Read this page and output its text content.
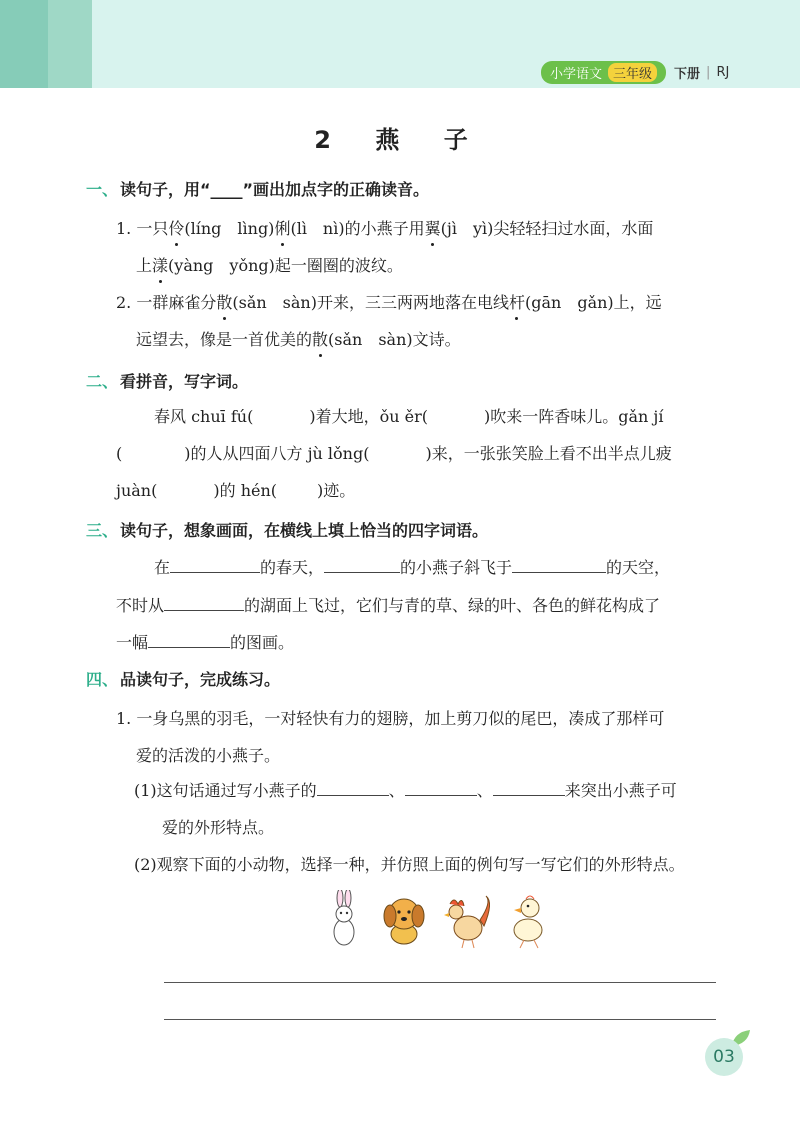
小学语文 三年级	下册 | RJ
2 燕 子
一、 读句子，用“____”画出加点字的正确读音。
1. 一只伶(líng　lìng)俐(lì　nì)的小燕子用翼(jì　yì)尖轻轻扫过水面，水面
上漾(yàng　yǒng)起一圈圈的波纹。
2. 一群麻雀分散(sǎn　sàn)开来，三三两两地落在电线杆(gān　gǎn)上，远
远望去，像是一首优美的散(sǎn　sàn)文诗。
二、 看拼音，写字词。
春风 chuī fú(	)着大地，ǒu ěr(	)吹来一阵香味儿。gǎn jí
(	)的人从四面八方 jù lǒng(	)来，一张张笑脸上看不出半点儿疲
juàn(	)的 hén(	)迹。
三、 读句子，想象画面，在横线上填上恰当的四字词语。
在	的春天，	的小燕子斜飞于	的天空，
不时从	的湖面上飞过，它们与青的草、绿的叶、各色的鲜花构成了
一幅	的图画。
四、 品读句子，完成练习。
1. 一身乌黑的羽毛，一对轻快有力的翅膀，加上剪刀似的尾巴，凑成了那样可
爱的活泼的小燕子。
(1)这句话通过写小燕子的	、	、	来突出小燕子可
爱的外形特点。
(2)观察下面的小动物，选择一种，并仿照上面的例句写一写它们的外形特点。
03
